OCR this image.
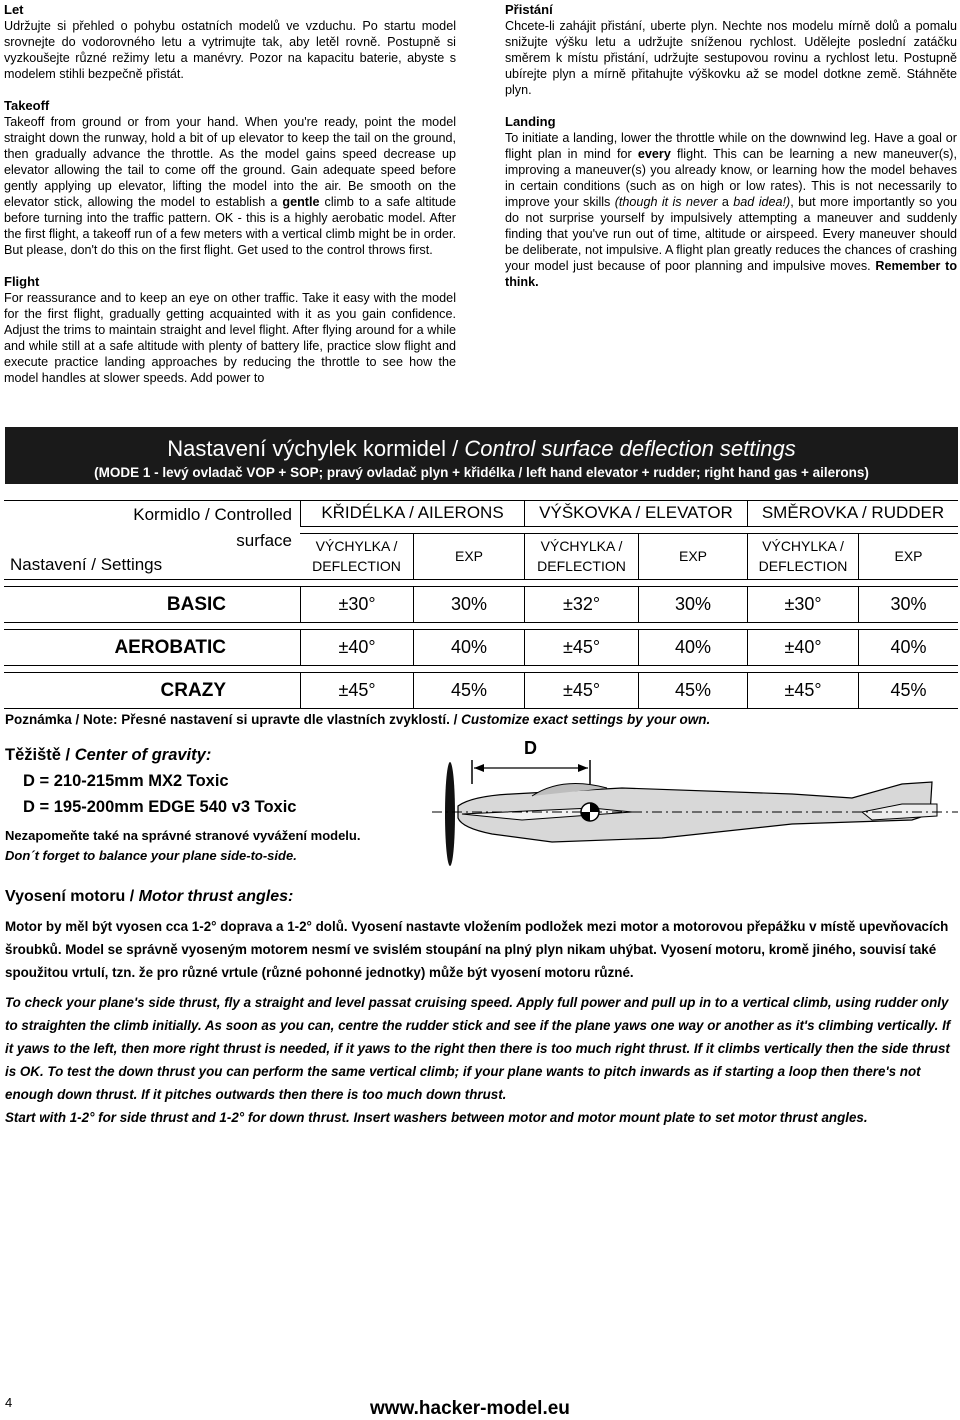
Let

Udržujte si přehled o pohybu ostatních modelů ve vzduchu. Po startu model srovnejte do vodorovného letu a vytrimujte tak, aby letěl rovně. Postupně si vyzkoušejte různé režimy letu a manévry. Pozor na kapacitu baterie, abyste s modelem stihli bezpečně přistát.

Takeoff

Takeoff from ground or from your hand. When you're ready, point the model straight down the runway, hold a bit of up elevator to keep the tail on the ground, then gradually advance the throttle. As the model gains speed decrease up elevator allowing the tail to come off the ground. Gain adequate speed before gently applying up elevator, lifting the model into the air. Be smooth on the elevator stick, allowing the model to establish a gentle climb to a safe altitude before turning into the traffic pattern. OK - this is a highly aerobatic model. After the first flight, a takeoff run of a few meters with a vertical climb might be in order. But please, don't do this on the first flight. Get used to the control throws first.

Flight

For reassurance and to keep an eye on other traffic. Take it easy with the model for the first flight, gradually getting acquainted with it as you gain confidence. Adjust the trims to maintain straight and level flight. After flying around for a while and while still at a safe altitude with plenty of battery life, practice slow flight and execute practice landing approaches by reducing the throttle to see how the model handles at slower speeds. Add power to

Přistání

Chcete-li zahájit přistání, uberte plyn. Nechte nos modelu mírně dolů a pomalu snižujte výšku letu a udržujte sníženou rychlost. Udělejte poslední zatáčku směrem k místu přistání, udržujte sestupovou rovinu a rychlost letu. Postupně ubírejte plyn a mírně přitahujte výškovku až se model dotkne země. Stáhněte plyn.

Landing

To initiate a landing, lower the throttle while on the downwind leg. Have a goal or flight plan in mind for every flight. This can be learning a new maneuver(s), improving a maneuver(s) you already know, or learning how the model behaves in certain conditions (such as on high or low rates). This is not necessarily to improve your skills (though it is never a bad idea!), but more importantly so you do not surprise yourself by impulsively attempting a maneuver and suddenly finding that you've run out of time, altitude or airspeed. Every maneuver should be deliberate, not impulsive. A flight plan greatly reduces the chances of crashing your model just because of poor planning and impulsive moves. Remember to think.

Nastavení výchylek kormidel / Control surface deflection settings
(MODE 1 - levý ovladač VOP + SOP; pravý ovladač plyn + křidélka / left hand elevator + rudder; right hand gas + ailerons)
Kormidlo / Controlled
surface
Nastavení / Settings	KŘIDÉLKA / AILERONS		VÝŠKOVKA / ELEVATOR		SMĚROVKA / RUDDER	
	VÝCHYLKA /
DEFLECTION	EXP	VÝCHYLKA /
DEFLECTION	EXP	VÝCHYLKA /
DEFLECTION	EXP
BASIC	±30°	30%	±32°	30%	±30°	30%
AEROBATIC	±40°	40%	±45°	40%	±40°	40%
CRAZY	±45°	45%	±45°	45%	±45°	45%
Poznámka / Note: Přesné nastavení si upravte dle vlastních zvyklostí. / Customize exact settings by your own.
Těžiště / Center of gravity:
D = 210-215mm MX2 Toxic
D = 195-200mm EDGE 540 v3 Toxic
Nezapomeňte také na správné stranové vyvážení modelu.
Don´t forget to balance your plane side-to-side.
D
Vyosení motoru / Motor thrust angles:
Motor by měl být vyosen cca 1-2° doprava a 1-2° dolů. Vyosení nastavte vložením podložek mezi motor a motorovou přepážku v místě upevňovacích šroubků. Model se správně vyoseným motorem nesmí ve svislém stoupání na plný plyn nikam uhýbat. Vyosení motoru, kromě jiného, souvisí také spoužitou vrtulí, tzn. že pro různé vrtule (různé pohonné jednotky) může být vyosení motoru různé.
To check your plane's side thrust, fly a straight and level passat cruising speed. Apply full power and pull up in to a vertical climb, using rudder only to straighten the climb initially. As soon as you can, centre the rudder stick and see if the plane yaws one way or another as it's climbing vertically. If it yaws to the left, then more right thrust is needed, if it yaws to the right then there is too much right thrust. If it climbs vertically then the side thrust is OK. To test the down thrust you can perform the same vertical climb; if your plane wants to pitch inwards as if starting a loop then there's not enough down thrust. If it pitches outwards then there is too much down thrust.
Start with 1-2° for side thrust and 1-2° for down thrust. Insert washers between motor and motor mount plate to set motor thrust angles.
4	www.hacker-model.eu
